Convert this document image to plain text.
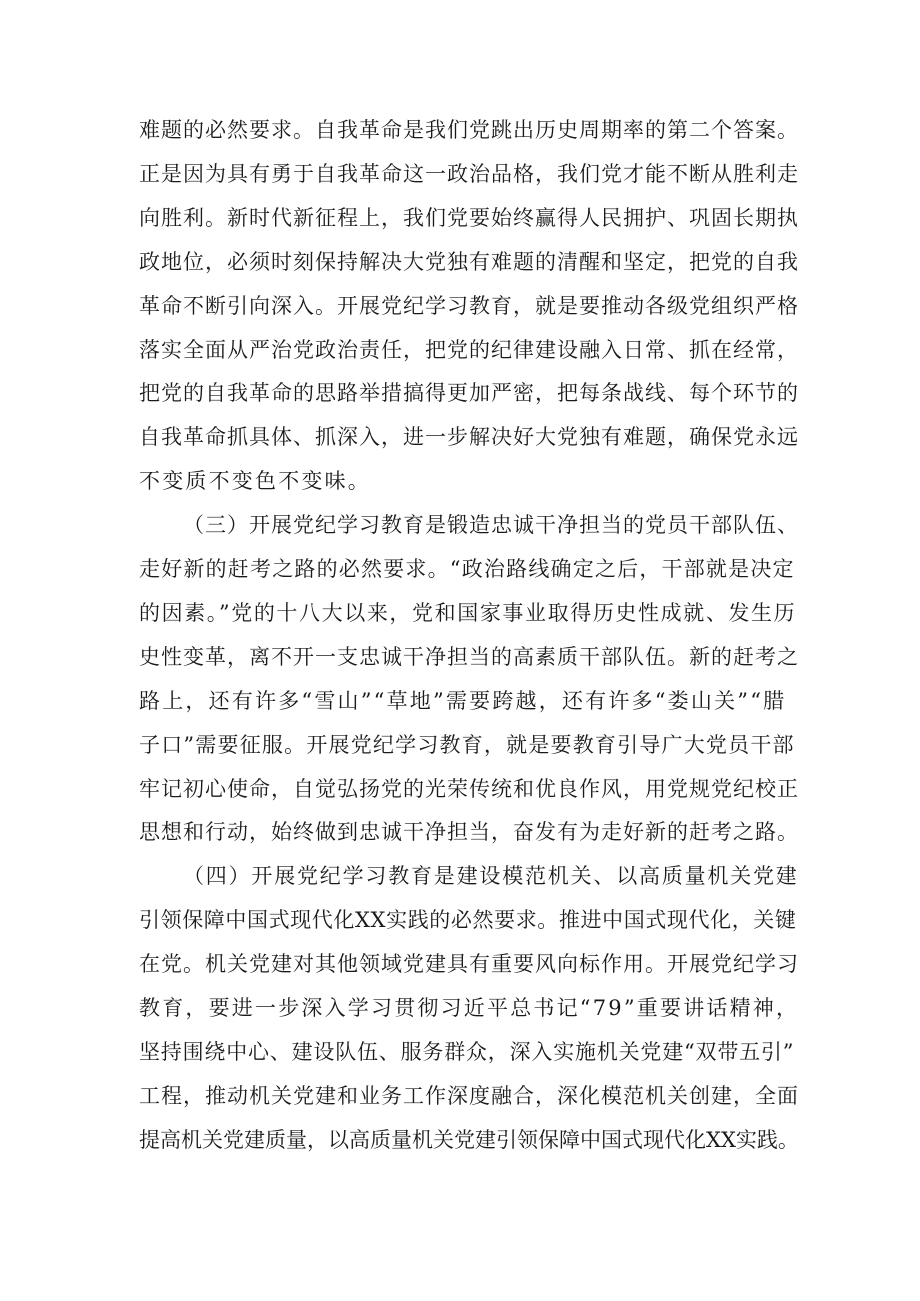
难题的必然要求。自我革命是我们党跳出历史周期率的第二个答案。
正是因为具有勇于自我革命这一政治品格，我们党才能不断从胜利走
向胜利。新时代新征程上，我们党要始终赢得人民拥护、巩固长期执
政地位，必须时刻保持解决大党独有难题的清醒和坚定，把党的自我
革命不断引向深入。开展党纪学习教育，就是要推动各级党组织严格
落实全面从严治党政治责任，把党的纪律建设融入日常、抓在经常，
把党的自我革命的思路举措搞得更加严密，把每条战线、每个环节的
自我革命抓具体、抓深入，进一步解决好大党独有难题，确保党永远
不变质不变色不变味。
（三）开展党纪学习教育是锻造忠诚干净担当的党员干部队伍、
走好新的赶考之路的必然要求。“政治路线确定之后，干部就是决定
的因素。”党的十八大以来，党和国家事业取得历史性成就、发生历
史性变革，离不开一支忠诚干净担当的高素质干部队伍。新的赶考之
路上，还有许多“雪山”“草地”需要跨越，还有许多“娄山关”“腊
子口”需要征服。开展党纪学习教育，就是要教育引导广大党员干部
牢记初心使命，自觉弘扬党的光荣传统和优良作风，用党规党纪校正
思想和行动，始终做到忠诚干净担当，奋发有为走好新的赶考之路。
（四）开展党纪学习教育是建设模范机关、以高质量机关党建
引领保障中国式现代化XX实践的必然要求。推进中国式现代化，关键
在党。机关党建对其他领域党建具有重要风向标作用。开展党纪学习
教育，要进一步深入学习贯彻习近平总书记“79”重要讲话精神，
坚持围绕中心、建设队伍、服务群众，深入实施机关党建“双带五引”
工程，推动机关党建和业务工作深度融合，深化模范机关创建，全面
提高机关党建质量，以高质量机关党建引领保障中国式现代化XX实践。
